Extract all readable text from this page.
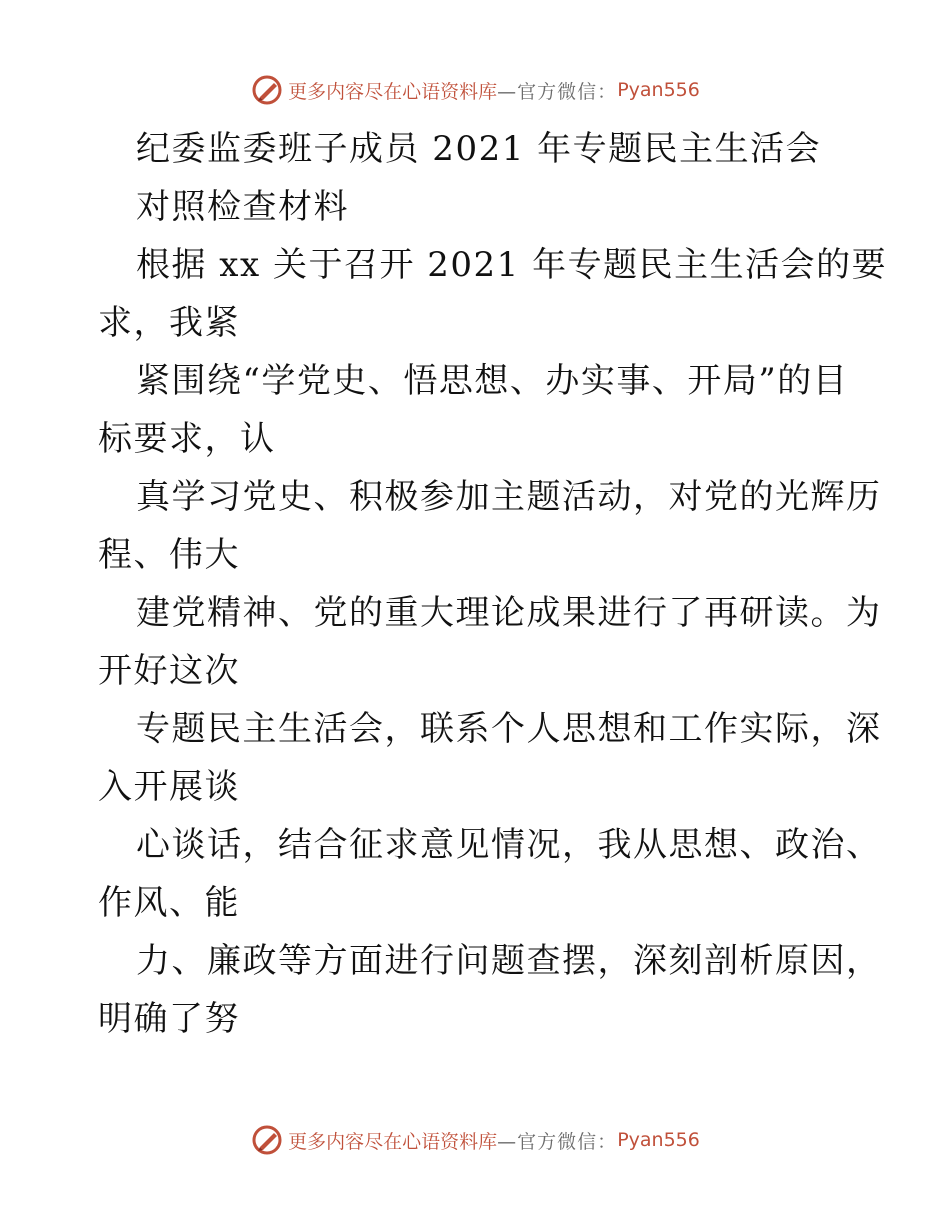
更多内容尽在心语资料库 —官方微信： Pyan556
纪委监委班子成员 2021 年专题民主生活会
对照检查材料
根据 xx 关于召开 2021 年专题民主生活会的要
求，我紧
紧围绕“学党史、悟思想、办实事、开局”的目
标要求，认
真学习党史、积极参加主题活动，对党的光辉历
程、伟大
建党精神、党的重大理论成果进行了再研读。为
开好这次
专题民主生活会，联系个人思想和工作实际，深
入开展谈
心谈话，结合征求意见情况，我从思想、政治、
作风、能
力、廉政等方面进行问题查摆，深刻剖析原因，
明确了努
更多内容尽在心语资料库 —官方微信： Pyan556
